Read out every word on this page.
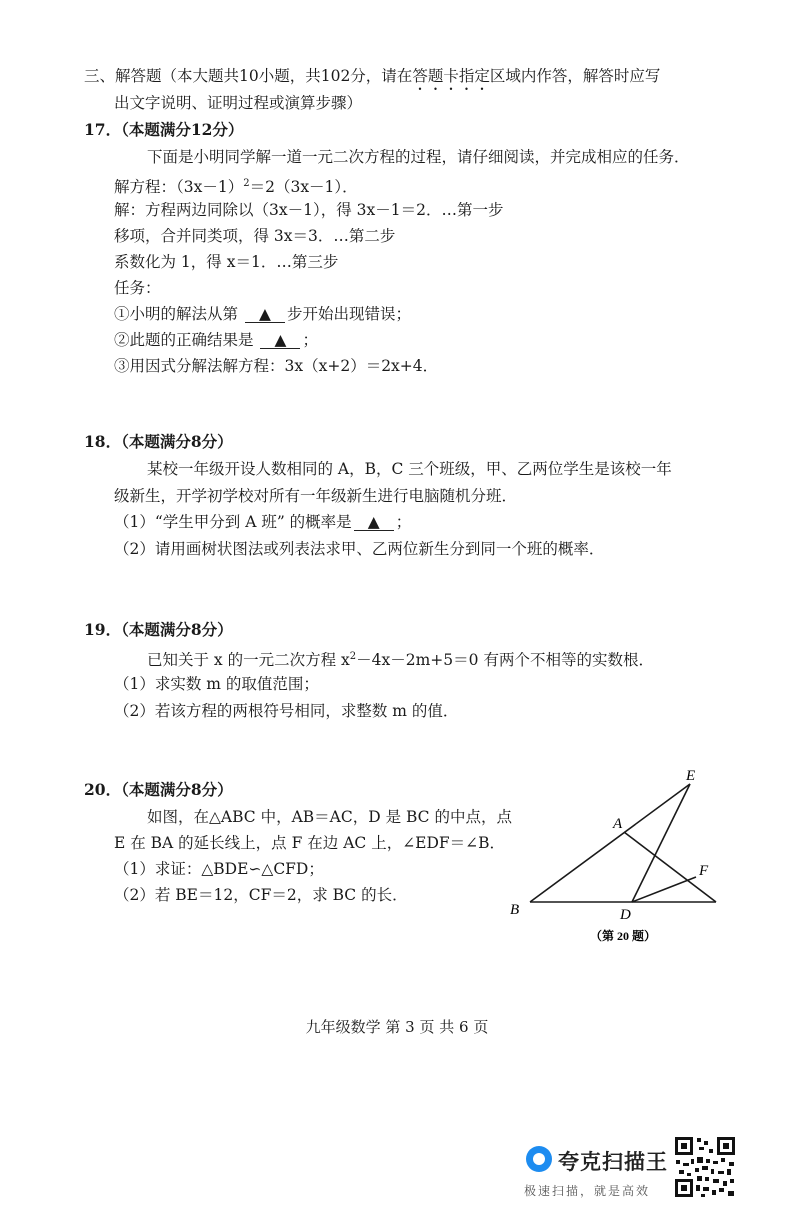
三、解答题（本大题共10小题，共102分，请在答题卡指定区域内作答，解答时应写
出文字说明、证明过程或演算步骤）
17．（本题满分12分）
下面是小明同学解一道一元二次方程的过程，请仔细阅读，并完成相应的任务．
解方程：$(3x-1)^2=2(3x-1)$．
解：方程两边同除以（3x－1），得 3x－1＝2．…第一步
移项，合并同类项，得 3x＝3．…第二步
系数化为 1，得 x＝1．…第三步
任务：
①小明的解法从第 ▲ 步开始出现错误；
②此题的正确结果是 ▲ ；
③用因式分解法解方程：3x（x+2）＝2x+4．
18．（本题满分8分）
某校一年级开设人数相同的 A，B，C 三个班级，甲、乙两位学生是该校一年
级新生，开学初学校对所有一年级新生进行电脑随机分班．
（1）“学生甲分到 A 班” 的概率是 ▲ ；
（2）请用画树状图法或列表法求甲、乙两位新生分到同一个班的概率．
19．（本题满分8分）
已知关于 x 的一元二次方程 $x^2-4x-2m+5=0$ 有两个不相等的实数根．
（1）求实数 m 的取值范围；
（2）若该方程的两根符号相同，求整数 m 的值．
20．（本题满分8分）
如图，在△ABC 中，AB＝AC，D 是 BC 的中点，点
E 在 BA 的延长线上，点 F 在边 AC 上，∠EDF＝∠B．
（1）求证：△BDE∽△CFD；
（2）若 BE＝12，CF＝2，求 BC 的长．
E
A
F
B	D
（第 20 题）
九年级数学 第 3 页 共 6 页
夸克扫描王
极速扫描，就是高效
